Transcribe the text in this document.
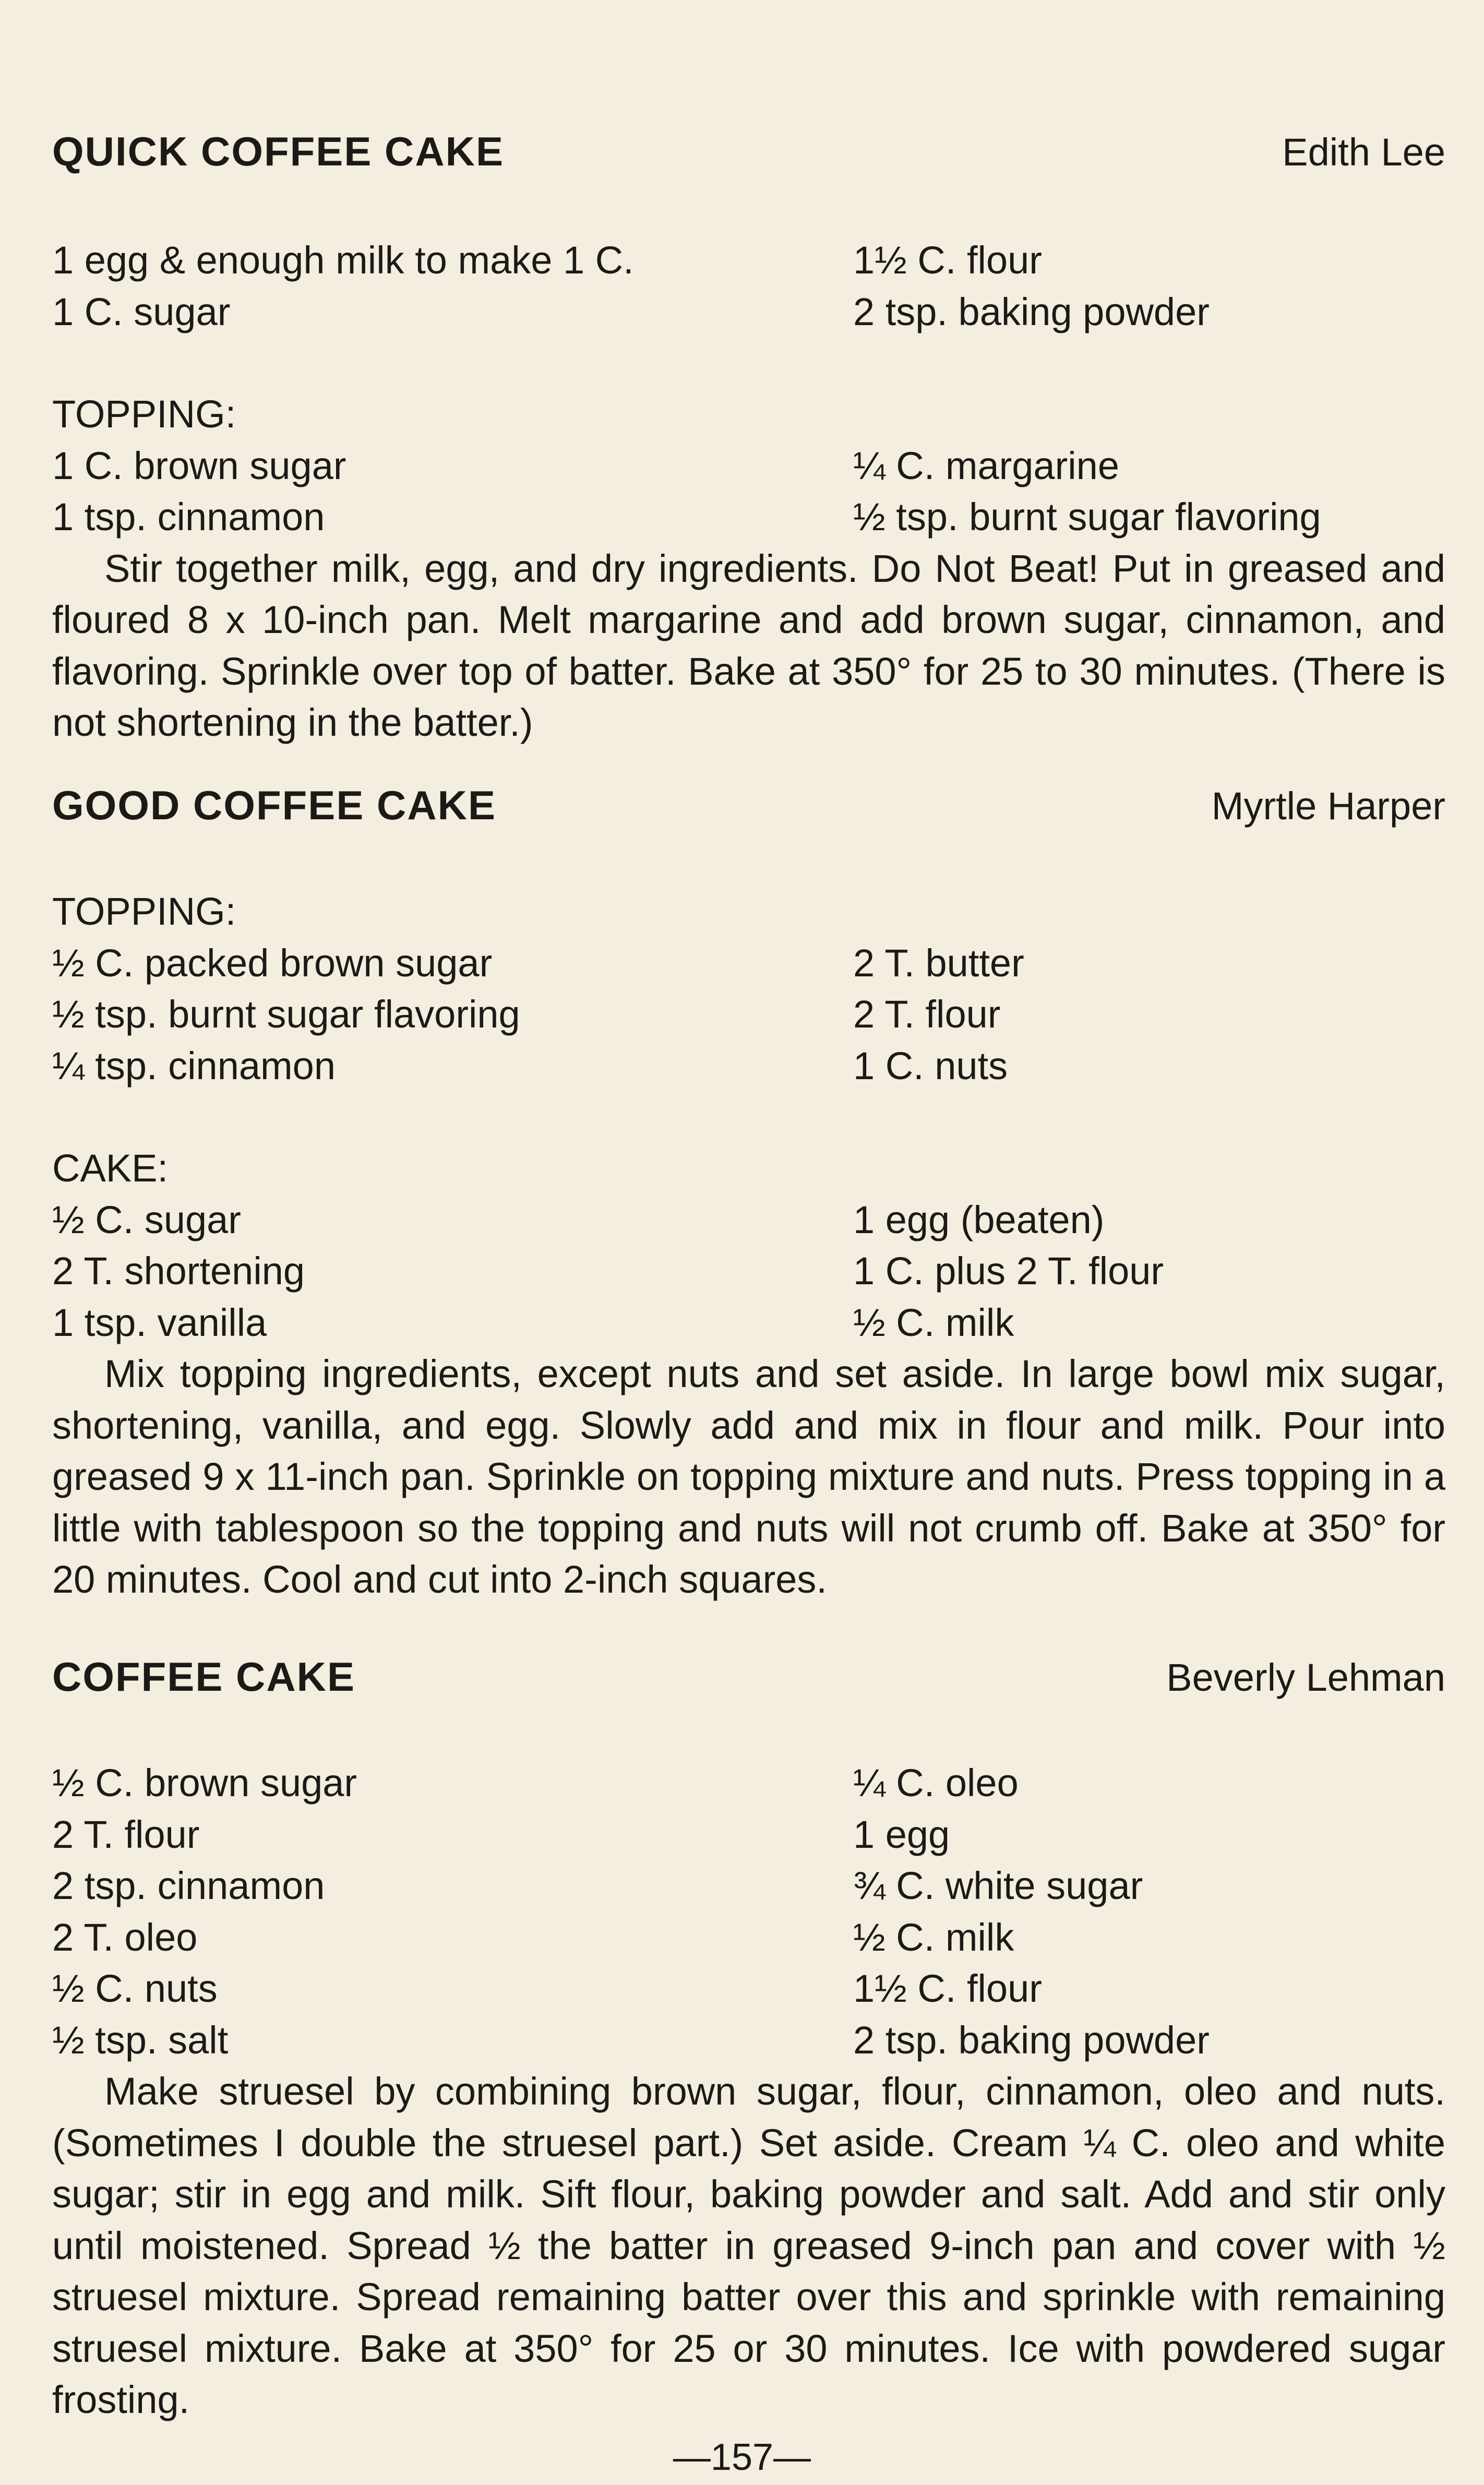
QUICK COFFEE CAKE	Edith Lee
1 egg & enough milk to make 1 C.	1½ C. flour
1 C. sugar	2 tsp. baking powder
TOPPING:
1 C. brown sugar	¼ C. margarine
1 tsp. cinnamon	½ tsp. burnt sugar flavoring

Stir together milk, egg, and dry ingredients. Do Not Beat! Put in greased and floured 8 x 10-inch pan. Melt margarine and add brown sugar, cinnamon, and flavoring. Sprinkle over top of batter. Bake at 350° for 25 to 30 minutes. (There is not shortening in the batter.)

GOOD COFFEE CAKE	Myrtle Harper
TOPPING:
½ C. packed brown sugar	2 T. butter
½ tsp. burnt sugar flavoring	2 T. flour
¼ tsp. cinnamon	1 C. nuts
CAKE:
½ C. sugar	1 egg (beaten)
2 T. shortening	1 C. plus 2 T. flour
1 tsp. vanilla	½ C. milk

Mix topping ingredients, except nuts and set aside. In large bowl mix sugar, shortening, vanilla, and egg. Slowly add and mix in flour and milk. Pour into greased 9 x 11-inch pan. Sprinkle on topping mixture and nuts. Press topping in a little with tablespoon so the topping and nuts will not crumb off. Bake at 350° for 20 minutes. Cool and cut into 2-inch squares.

COFFEE CAKE	Beverly Lehman
½ C. brown sugar	¼ C. oleo
2 T. flour	1 egg
2 tsp. cinnamon	¾ C. white sugar
2 T. oleo	½ C. milk
½ C. nuts	1½ C. flour
½ tsp. salt	2 tsp. baking powder

Make struesel by combining brown sugar, flour, cinnamon, oleo and nuts. (Sometimes I double the struesel part.) Set aside. Cream ¼ C. oleo and white sugar; stir in egg and milk. Sift flour, baking powder and salt. Add and stir only until moistened. Spread ½ the batter in greased 9-inch pan and cover with ½ struesel mixture. Spread remaining batter over this and sprinkle with remaining struesel mixture. Bake at 350° for 25 or 30 minutes. Ice with powdered sugar frosting.

—157—
